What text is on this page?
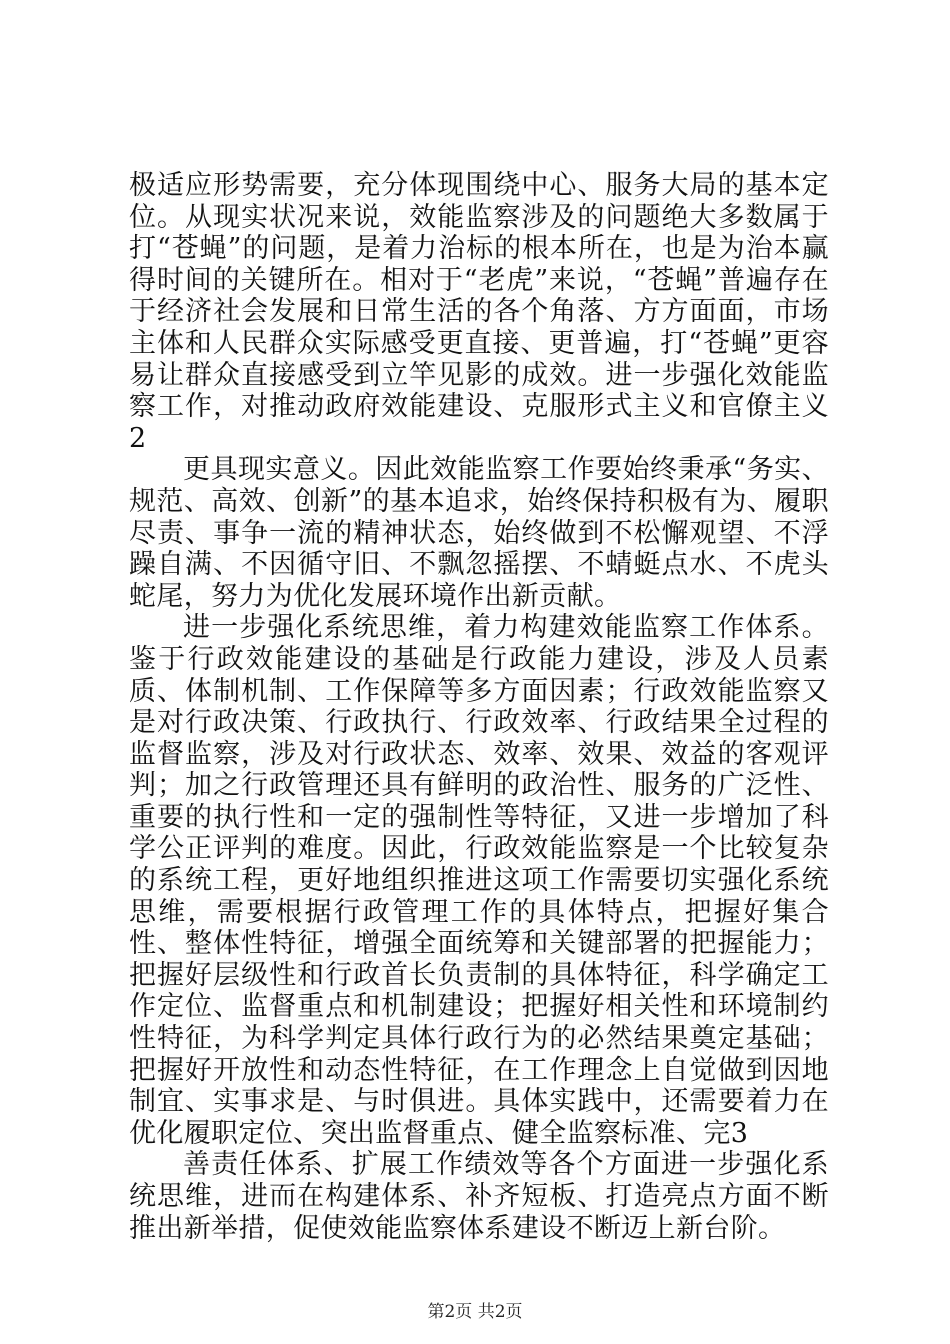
极适应形势需要，充分体现围绕中心、服务大局的基本定位。从现实状况来说，效能监察涉及的问题绝大多数属于打“苍蝇”的问题，是着力治标的根本所在，也是为治本赢得时间的关键所在。相对于“老虎”来说，“苍蝇”普遍存在于经济社会发展和日常生活的各个角落、方方面面，市场主体和人民群众实际感受更直接、更普遍，打“苍蝇”更容易让群众直接感受到立竿见影的成效。进一步强化效能监察工作，对推动政府效能建设、克服形式主义和官僚主义2

更具现实意义。因此效能监察工作要始终秉承“务实、规范、高效、创新”的基本追求，始终保持积极有为、履职尽责、事争一流的精神状态，始终做到不松懈观望、不浮躁自满、不因循守旧、不飘忽摇摆、不蜻蜓点水、不虎头蛇尾，努力为优化发展环境作出新贡献。

进一步强化系统思维，着力构建效能监察工作体系。鉴于行政效能建设的基础是行政能力建设，涉及人员素质、体制机制、工作保障等多方面因素；行政效能监察又是对行政决策、行政执行、行政效率、行政结果全过程的监督监察，涉及对行政状态、效率、效果、效益的客观评判；加之行政管理还具有鲜明的政治性、服务的广泛性、重要的执行性和一定的强制性等特征，又进一步增加了科学公正评判的难度。因此，行政效能监察是一个比较复杂的系统工程，更好地组织推进这项工作需要切实强化系统思维，需要根据行政管理工作的具体特点，把握好集合性、整体性特征，增强全面统筹和关键部署的把握能力；把握好层级性和行政首长负责制的具体特征，科学确定工作定位、监督重点和机制建设；把握好相关性和环境制约性特征，为科学判定具体行政行为的必然结果奠定基础；把握好开放性和动态性特征，在工作理念上自觉做到因地制宜、实事求是、与时俱进。具体实践中，还需要着力在优化履职定位、突出监督重点、健全监察标准、完3

善责任体系、扩展工作绩效等各个方面进一步强化系统思维，进而在构建体系、补齐短板、打造亮点方面不断推出新举措，促使效能监察体系建设不断迈上新台阶。

第2页 共2页
